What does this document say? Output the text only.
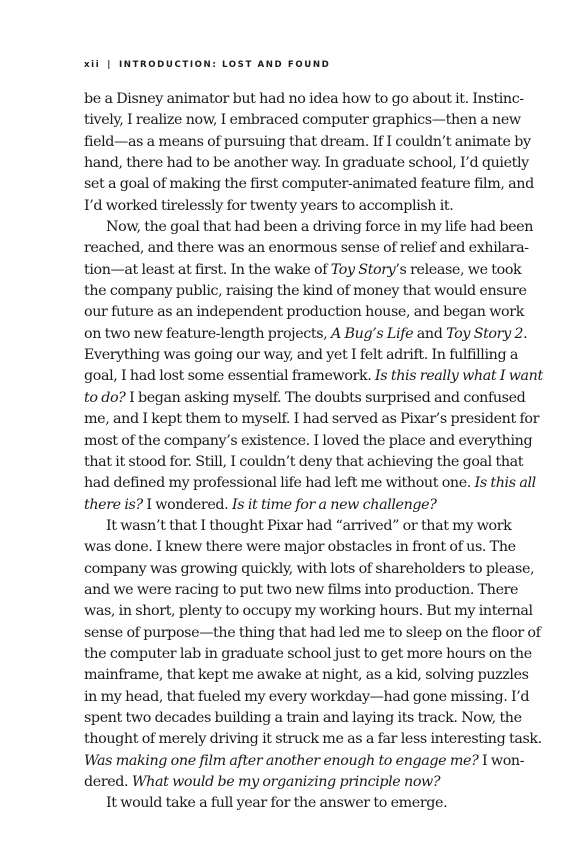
xii | INTRODUCTION: LOST AND FOUND
be a Disney animator but had no idea how to go about it. Instinc-
tively, I realize now, I embraced computer graphics—then a new
field—as a means of pursuing that dream. If I couldn’t animate by
hand, there had to be another way. In graduate school, I’d quietly
set a goal of making the first computer-animated feature film, and
I’d worked tirelessly for twenty years to accomplish it.
Now, the goal that had been a driving force in my life had been
reached, and there was an enormous sense of relief and exhilara-
tion—at least at first. In the wake of Toy Story’s release, we took
the company public, raising the kind of money that would ensure
our future as an independent production house, and began work
on two new feature-length projects, A Bug’s Life and Toy Story 2.
Everything was going our way, and yet I felt adrift. In fulfilling a
goal, I had lost some essential framework. Is this really what I want
to do? I began asking myself. The doubts surprised and confused
me, and I kept them to myself. I had served as Pixar’s president for
most of the company’s existence. I loved the place and everything
that it stood for. Still, I couldn’t deny that achieving the goal that
had defined my professional life had left me without one. Is this all
there is? I wondered. Is it time for a new challenge?
It wasn’t that I thought Pixar had “arrived” or that my work
was done. I knew there were major obstacles in front of us. The
company was growing quickly, with lots of shareholders to please,
and we were racing to put two new films into production. There
was, in short, plenty to occupy my working hours. But my internal
sense of purpose—the thing that had led me to sleep on the floor of
the computer lab in graduate school just to get more hours on the
mainframe, that kept me awake at night, as a kid, solving puzzles
in my head, that fueled my every workday—had gone missing. I’d
spent two decades building a train and laying its track. Now, the
thought of merely driving it struck me as a far less interesting task.
Was making one film after another enough to engage me? I won-
dered. What would be my organizing principle now?
It would take a full year for the answer to emerge.
